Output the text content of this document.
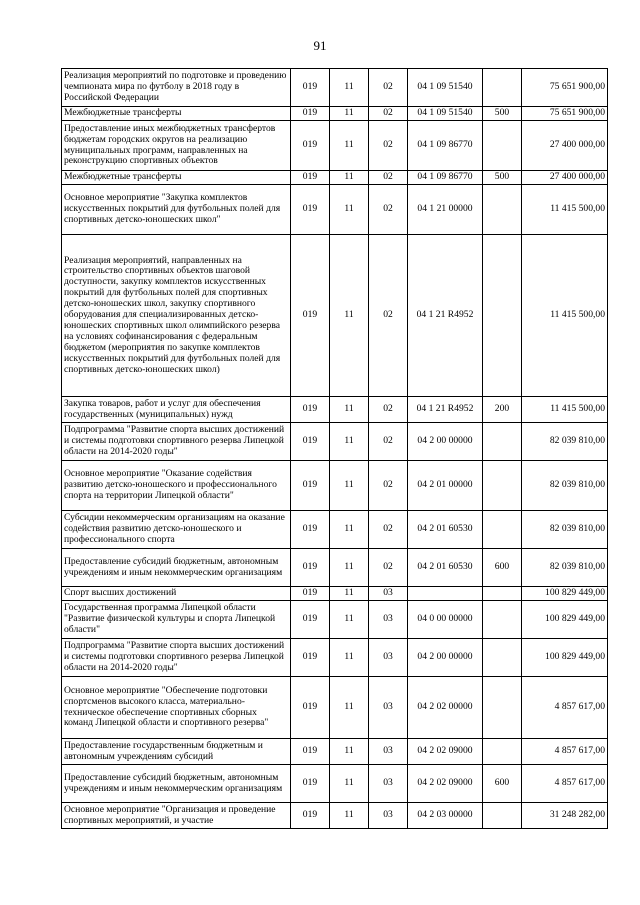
91
Реализация мероприятий по подготовке и проведению чемпионата мира по футболу в 2018 году в Российской Федерации	019	11	02	04 1 09 51540		75 651 900,00
Межбюджетные трансферты	019	11	02	04 1 09 51540	500	75 651 900,00
Предоставление иных межбюджетных трансфертов бюджетам городских округов на реализацию муниципальных программ, направленных на реконструкцию спортивных объектов	019	11	02	04 1 09 86770		27 400 000,00
Межбюджетные трансферты	019	11	02	04 1 09 86770	500	27 400 000,00
Основное мероприятие "Закупка комплектов искусственных покрытий для футбольных полей для спортивных детско-юношеских школ"	019	11	02	04 1 21 00000		11 415 500,00
Реализация мероприятий, направленных на строительство спортивных объектов шаговой доступности, закупку комплектов искусственных покрытий для футбольных полей для спортивных детско-юношеских школ, закупку спортивного оборудования для специализированных детско-юношеских спортивных школ олимпийского резерва на условиях софинансирования с федеральным бюджетом (мероприятия по закупке комплектов искусственных покрытий для футбольных полей для спортивных детско-юношеских школ)	019	11	02	04 1 21 R4952		11 415 500,00
Закупка товаров, работ и услуг для обеспечения государственных (муниципальных) нужд	019	11	02	04 1 21 R4952	200	11 415 500,00
Подпрограмма "Развитие спорта высших достижений и системы подготовки спортивного резерва Липецкой области на 2014-2020 годы"	019	11	02	04 2 00 00000		82 039 810,00
Основное мероприятие "Оказание содействия развитию детско-юношеского и профессионального спорта на территории Липецкой области"	019	11	02	04 2 01 00000		82 039 810,00
Субсидии некоммерческим организациям на оказание содействия развитию детско-юношеского и профессионального спорта	019	11	02	04 2 01 60530		82 039 810,00
Предоставление субсидий бюджетным, автономным учреждениям и иным некоммерческим организациям	019	11	02	04 2 01 60530	600	82 039 810,00
Спорт высших достижений	019	11	03			100 829 449,00
Государственная программа Липецкой области "Развитие физической культуры и спорта Липецкой области"	019	11	03	04 0 00 00000		100 829 449,00
Подпрограмма "Развитие спорта высших достижений и системы подготовки спортивного резерва Липецкой области на 2014-2020 годы"	019	11	03	04 2 00 00000		100 829 449,00
Основное мероприятие "Обеспечение подготовки спортсменов высокого класса, материально-техническое обеспечение спортивных сборных команд Липецкой области и спортивного резерва"	019	11	03	04 2 02 00000		4 857 617,00
Предоставление государственным бюджетным и автономным учреждениям субсидий	019	11	03	04 2 02 09000		4 857 617,00
Предоставление субсидий бюджетным, автономным учреждениям и иным некоммерческим организациям	019	11	03	04 2 02 09000	600	4 857 617,00
Основное мероприятие "Организация и проведение спортивных мероприятий, и участие	019	11	03	04 2 03 00000		31 248 282,00
